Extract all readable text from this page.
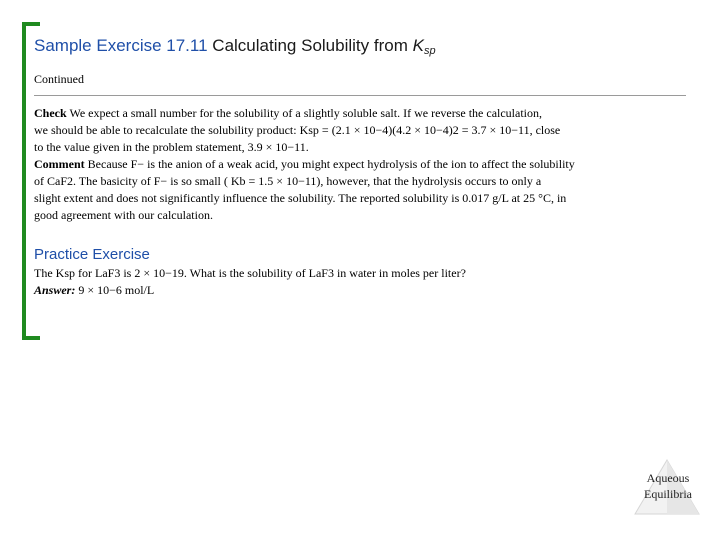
Sample Exercise 17.11 Calculating Solubility from Ksp
Continued

Check We expect a small number for the solubility of a slightly soluble salt. If we reverse the calculation,

we should be able to recalculate the solubility product: Ksp = (2.1 × 10−4)(4.2 × 10−4)2 = 3.7 × 10−11, close

to the value given in the problem statement, 3.9 × 10−11.

Comment Because F− is the anion of a weak acid, you might expect hydrolysis of the ion to affect the solubility

of CaF2. The basicity of F− is so small ( Kb = 1.5 × 10−11), however, that the hydrolysis occurs to only a

slight extent and does not significantly influence the solubility. The reported solubility is 0.017 g/L at 25 °C, in

good agreement with our calculation.

Practice Exercise

The Ksp for LaF3 is 2 × 10−19. What is the solubility of LaF3 in water in moles per liter?

Answer: 9 × 10−6 mol/L

Aqueous
Equilibria
